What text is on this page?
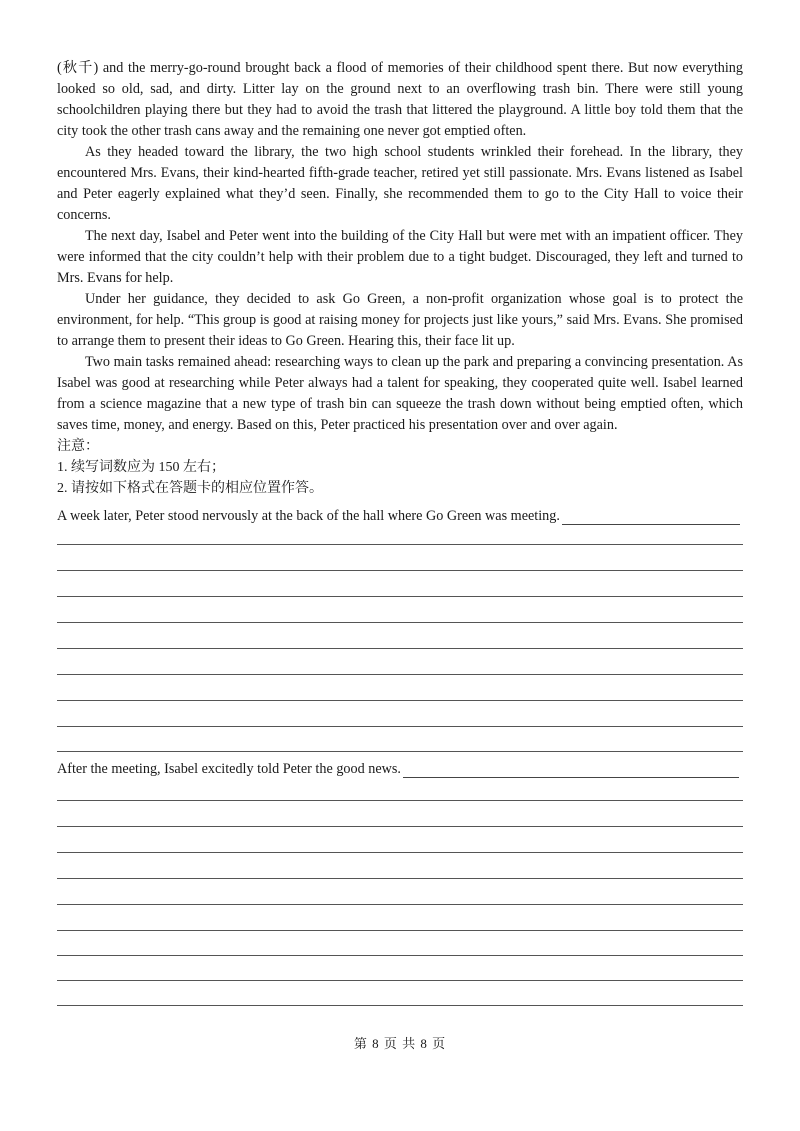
(秋千) and the merry-go-round brought back a flood of memories of their childhood spent there. But now everything looked so old, sad, and dirty. Litter lay on the ground next to an overflowing trash bin. There were still young schoolchildren playing there but they had to avoid the trash that littered the playground. A little boy told them that the city took the other trash cans away and the remaining one never got emptied often.

As they headed toward the library, the two high school students wrinkled their forehead. In the library, they encountered Mrs. Evans, their kind-hearted fifth-grade teacher, retired yet still passionate. Mrs. Evans listened as Isabel and Peter eagerly explained what they’d seen. Finally, she recommended them to go to the City Hall to voice their concerns.

The next day, Isabel and Peter went into the building of the City Hall but were met with an impatient officer. They were informed that the city couldn’t help with their problem due to a tight budget. Discouraged, they left and turned to Mrs. Evans for help.

Under her guidance, they decided to ask Go Green, a non-profit organization whose goal is to protect the environment, for help. “This group is good at raising money for projects just like yours,” said Mrs. Evans. She promised to arrange them to present their ideas to Go Green. Hearing this, their face lit up.

Two main tasks remained ahead: researching ways to clean up the park and preparing a convincing presentation. As Isabel was good at researching while Peter always had a talent for speaking, they cooperated quite well. Isabel learned from a science magazine that a new type of trash bin can squeeze the trash down without being emptied often, which saves time, money, and energy. Based on this, Peter practiced his presentation over and over again.

注意：
1. 续写词数应为 150 左右；
2. 请按如下格式在答题卡的相应位置作答。
A week later, Peter stood nervously at the back of the hall where Go Green was meeting.
After the meeting, Isabel excitedly told Peter the good news.
第 8 页 共 8 页
